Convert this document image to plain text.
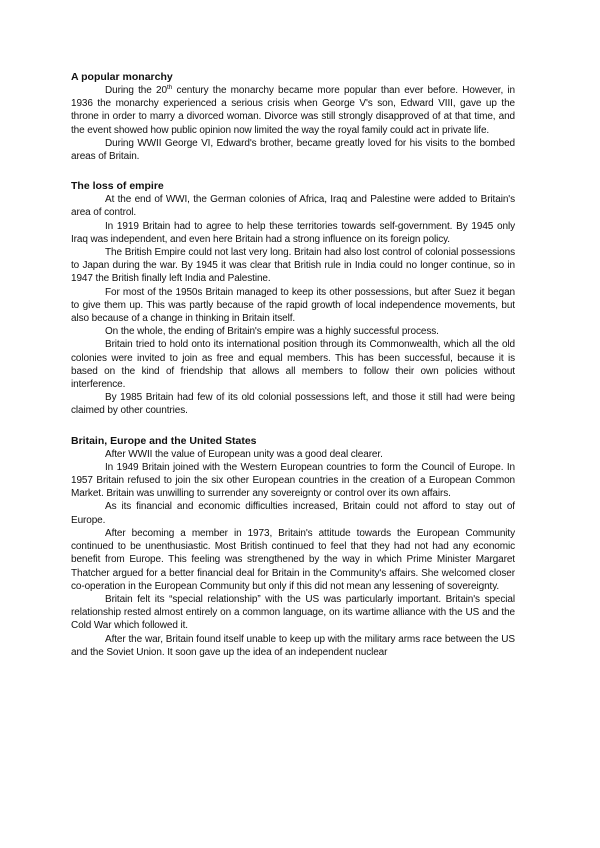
A popular monarchy

During the 20th century the monarchy became more popular than ever before. However, in 1936 the monarchy experienced a serious crisis when George V's son, Edward VIII, gave up the throne in order to marry a divorced woman. Divorce was still strongly disapproved of at that time, and the event showed how public opinion now limited the way the royal family could act in private life.

During WWII George VI, Edward's brother, became greatly loved for his visits to the bombed areas of Britain.

The loss of empire

At the end of WWI, the German colonies of Africa, Iraq and Palestine were added to Britain's area of control.

In 1919 Britain had to agree to help these territories towards self-government. By 1945 only Iraq was independent, and even here Britain had a strong influence on its foreign policy.

The British Empire could not last very long. Britain had also lost control of colonial possessions to Japan during the war. By 1945 it was clear that British rule in India could no longer continue, so in 1947 the British finally left India and Palestine.

For most of the 1950s Britain managed to keep its other possessions, but after Suez it began to give them up. This was partly because of the rapid growth of local independence movements, but also because of a change in thinking in Britain itself.

On the whole, the ending of Britain's empire was a highly successful process.

Britain tried to hold onto its international position through its Commonwealth, which all the old colonies were invited to join as free and equal members. This has been successful, because it is based on the kind of friendship that allows all members to follow their own policies without interference.

By 1985 Britain had few of its old colonial possessions left, and those it still had were being claimed by other countries.

Britain, Europe and the United States

After WWII the value of European unity was a good deal clearer.

In 1949 Britain joined with the Western European countries to form the Council of Europe. In 1957 Britain refused to join the six other European countries in the creation of a European Common Market. Britain was unwilling to surrender any sovereignty or control over its own affairs.

As its financial and economic difficulties increased, Britain could not afford to stay out of Europe.

After becoming a member in 1973, Britain's attitude towards the European Community continued to be unenthusiastic. Most British continued to feel that they had not had any economic benefit from Europe. This feeling was strengthened by the way in which Prime Minister Margaret Thatcher argued for a better financial deal for Britain in the Community's affairs. She welcomed closer co-operation in the European Community but only if this did not mean any lessening of sovereignty.

Britain felt its “special relationship” with the US was particularly important. Britain's special relationship rested almost entirely on a common language, on its wartime alliance with the US and the Cold War which followed it.

After the war, Britain found itself unable to keep up with the military arms race between the US and the Soviet Union. It soon gave up the idea of an independent nuclear
